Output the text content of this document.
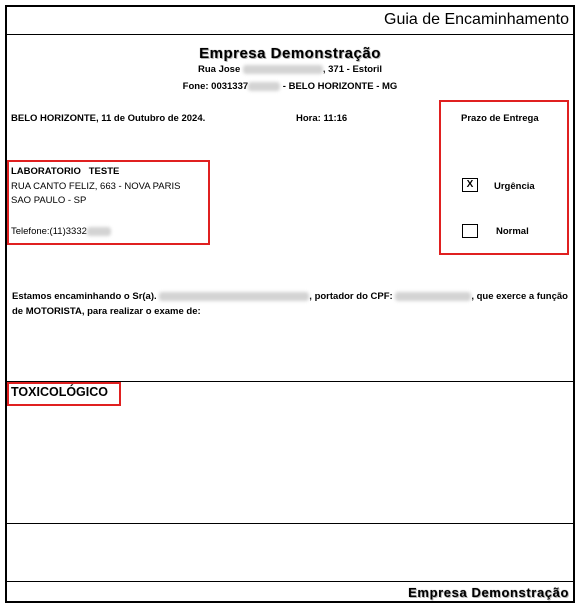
Guia de Encaminhamento
Empresa Demonstração
Rua Jose	, 371 - Estoril
Fone: 0031337	- BELO HORIZONTE - MG
BELO HORIZONTE, 11 de Outubro de 2024.	Hora: 11:16	Prazo de Entrega
X	Urgência
Normal
LABORATORIO   TESTE
RUA CANTO FELIZ, 663 - NOVA PARIS
SAO PAULO - SP
Telefone:(11)3332
Estamos encaminhando o Sr(a).	, portador do CPF:	, que exerce a função de MOTORISTA, para realizar o exame de:
TOXICOLÓGICO
Empresa Demonstração
